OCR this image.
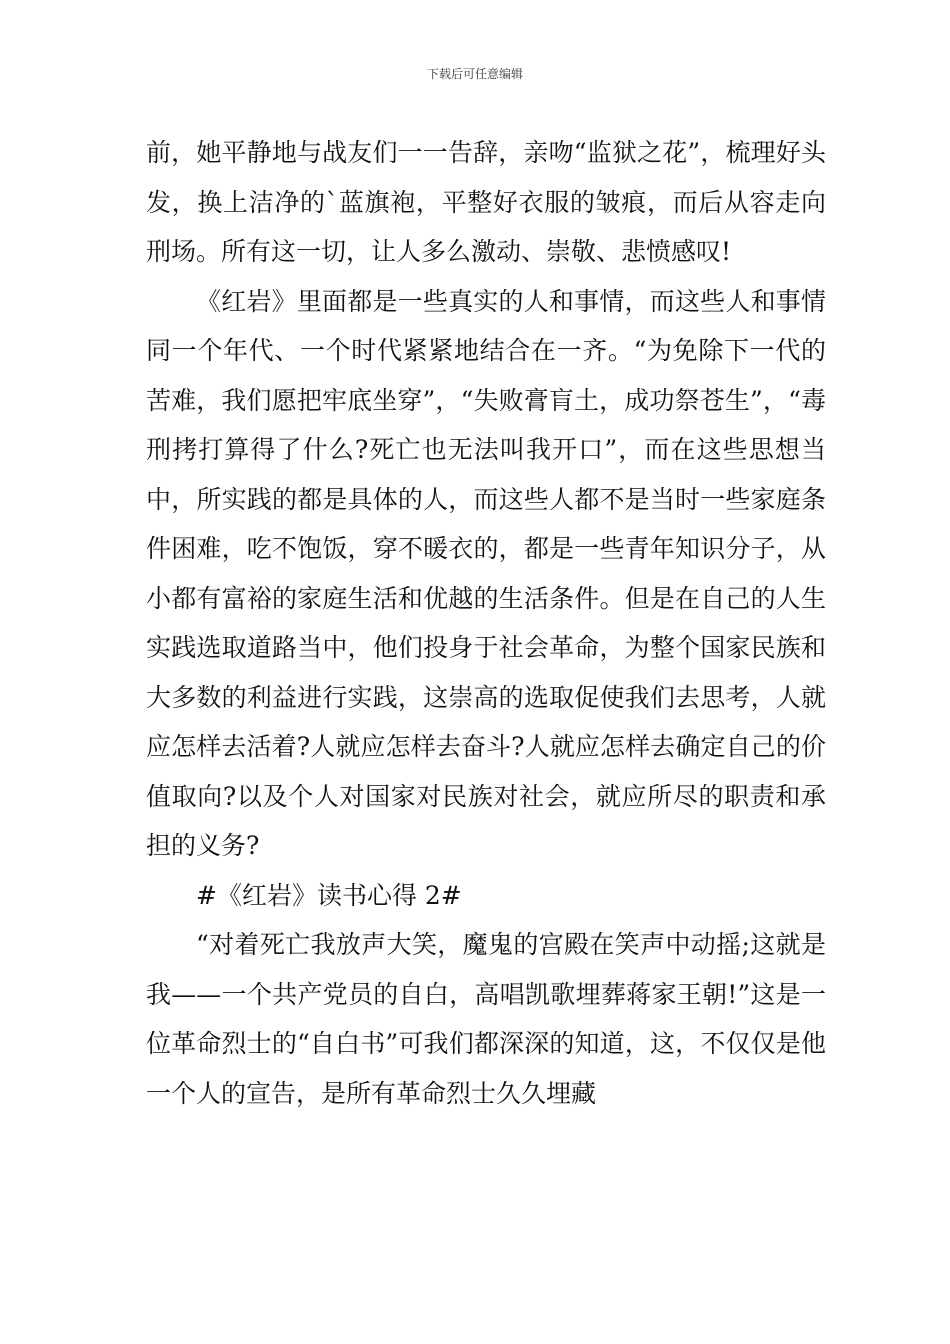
下载后可任意编辑

前，她平静地与战友们一一告辞，亲吻“监狱之花”，梳理好头发，换上洁净的`蓝旗袍，平整好衣服的皱痕，而后从容走向刑场。所有这一切，让人多么激动、崇敬、悲愤感叹!

《红岩》里面都是一些真实的人和事情，而这些人和事情同一个年代、一个时代紧紧地结合在一齐。“为免除下一代的苦难，我们愿把牢底坐穿”，“失败膏肓土，成功祭苍生”，“毒刑拷打算得了什么?死亡也无法叫我开口”，而在这些思想当中，所实践的都是具体的人，而这些人都不是当时一些家庭条件困难，吃不饱饭，穿不暖衣的，都是一些青年知识分子，从小都有富裕的家庭生活和优越的生活条件。但是在自己的人生实践选取道路当中，他们投身于社会革命，为整个国家民族和大多数的利益进行实践，这崇高的选取促使我们去思考，人就应怎样去活着?人就应怎样去奋斗?人就应怎样去确定自己的价值取向?以及个人对国家对民族对社会，就应所尽的职责和承担的义务?

#《红岩》读书心得 2#

“对着死亡我放声大笑，魔鬼的宫殿在笑声中动摇;这就是我——一个共产党员的自白，高唱凯歌埋葬蒋家王朝!”这是一位革命烈士的“自白书”可我们都深深的知道，这，不仅仅是他一个人的宣告，是所有革命烈士久久埋藏
